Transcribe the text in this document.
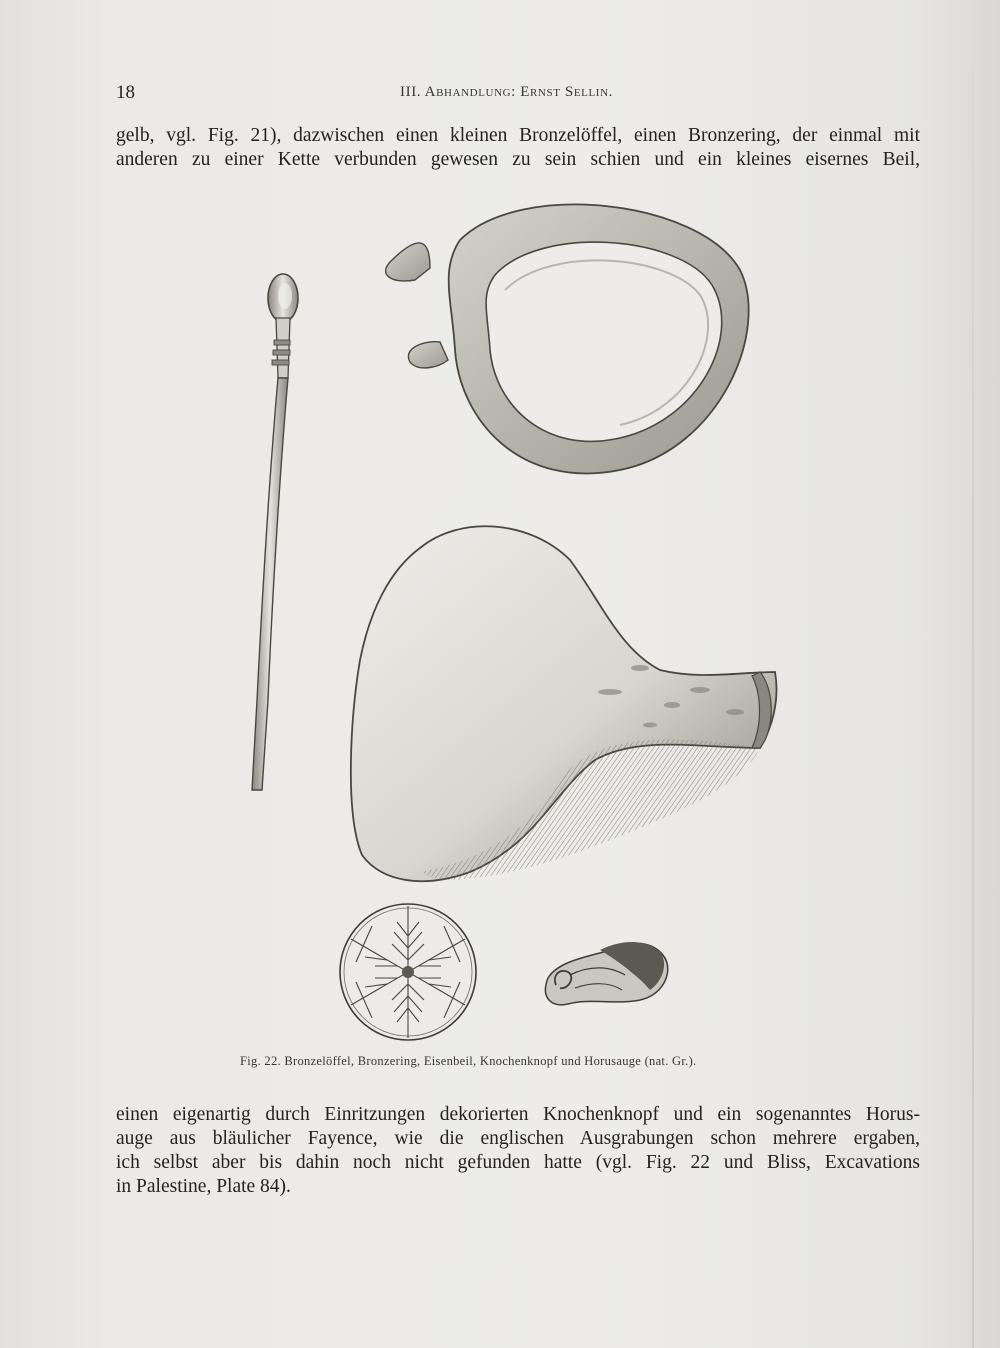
18	III. Abhandlung: Ernst Sellin.
gelb, vgl. Fig. 21), dazwischen einen kleinen Bronzelöffel, einen Bronzering, der einmal mit
anderen zu einer Kette verbunden gewesen zu sein schien und ein kleines eisernes Beil,
Fig. 22. Bronzelöffel, Bronzering, Eisenbeil, Knochenknopf und Horusauge (nat. Gr.).
einen eigenartig durch Einritzungen dekorierten Knochenknopf und ein sogenanntes Horus-
auge aus bläulicher Fayence, wie die englischen Ausgrabungen schon mehrere ergaben,
ich selbst aber bis dahin noch nicht gefunden hatte (vgl. Fig. 22 und Bliss, Excavations
in Palestine, Plate 84).
